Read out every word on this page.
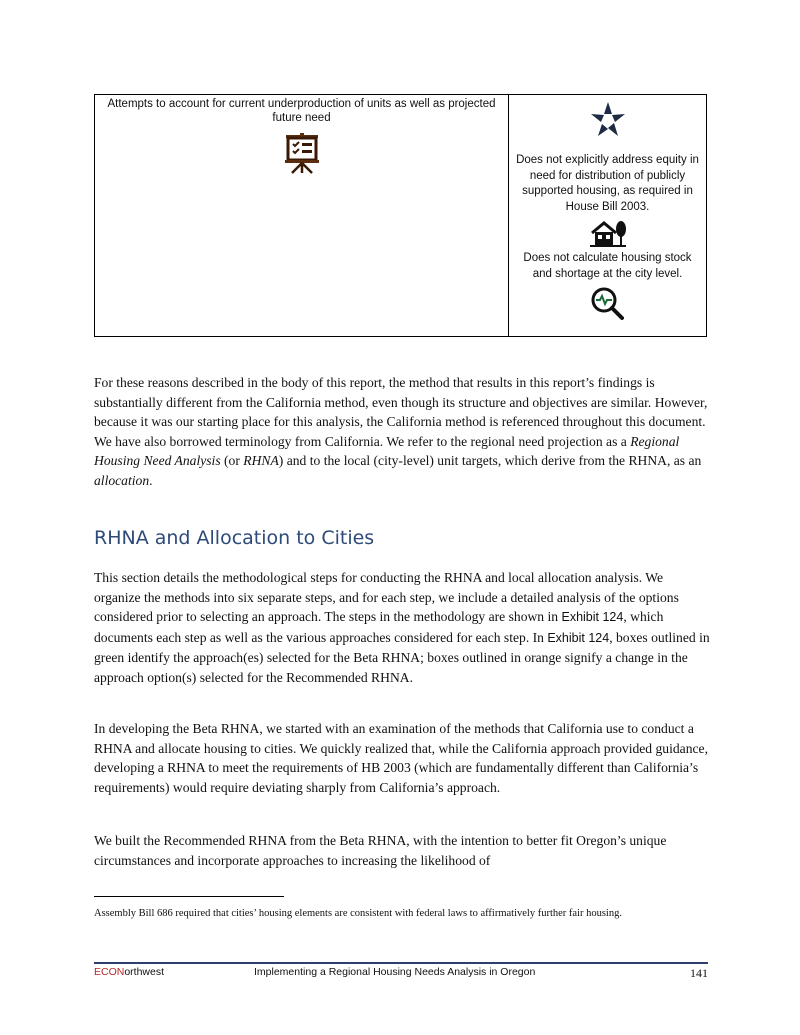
Attempts to account for current underproduction of units as well as projected future need
Does not explicitly address equity in need for distribution of publicly supported housing, as required in House Bill 2003.
Does not calculate housing stock and shortage at the city level.

For these reasons described in the body of this report, the method that results in this report’s findings is substantially different from the California method, even though its structure and objectives are similar. However, because it was our starting place for this analysis, the California method is referenced throughout this document. We have also borrowed terminology from California. We refer to the regional need projection as a Regional Housing Need Analysis (or RHNA) and to the local (city-level) unit targets, which derive from the RHNA, as an allocation.

RHNA and Allocation to Cities

This section details the methodological steps for conducting the RHNA and local allocation analysis. We organize the methods into six separate steps, and for each step, we include a detailed analysis of the options considered prior to selecting an approach. The steps in the methodology are shown in Exhibit 124, which documents each step as well as the various approaches considered for each step. In Exhibit 124, boxes outlined in green identify the approach(es) selected for the Beta RHNA; boxes outlined in orange signify a change in the approach option(s) selected for the Recommended RHNA.

In developing the Beta RHNA, we started with an examination of the methods that California use to conduct a RHNA and allocate housing to cities. We quickly realized that, while the California approach provided guidance, developing a RHNA to meet the requirements of HB 2003 (which are fundamentally different than California’s requirements) would require deviating sharply from California’s approach.

We built the Recommended RHNA from the Beta RHNA, with the intention to better fit Oregon’s unique circumstances and incorporate approaches to increasing the likelihood of

Assembly Bill 686 required that cities’ housing elements are consistent with federal laws to affirmatively further fair housing.

ECONorthwest	Implementing a Regional Housing Needs Analysis in Oregon	141
